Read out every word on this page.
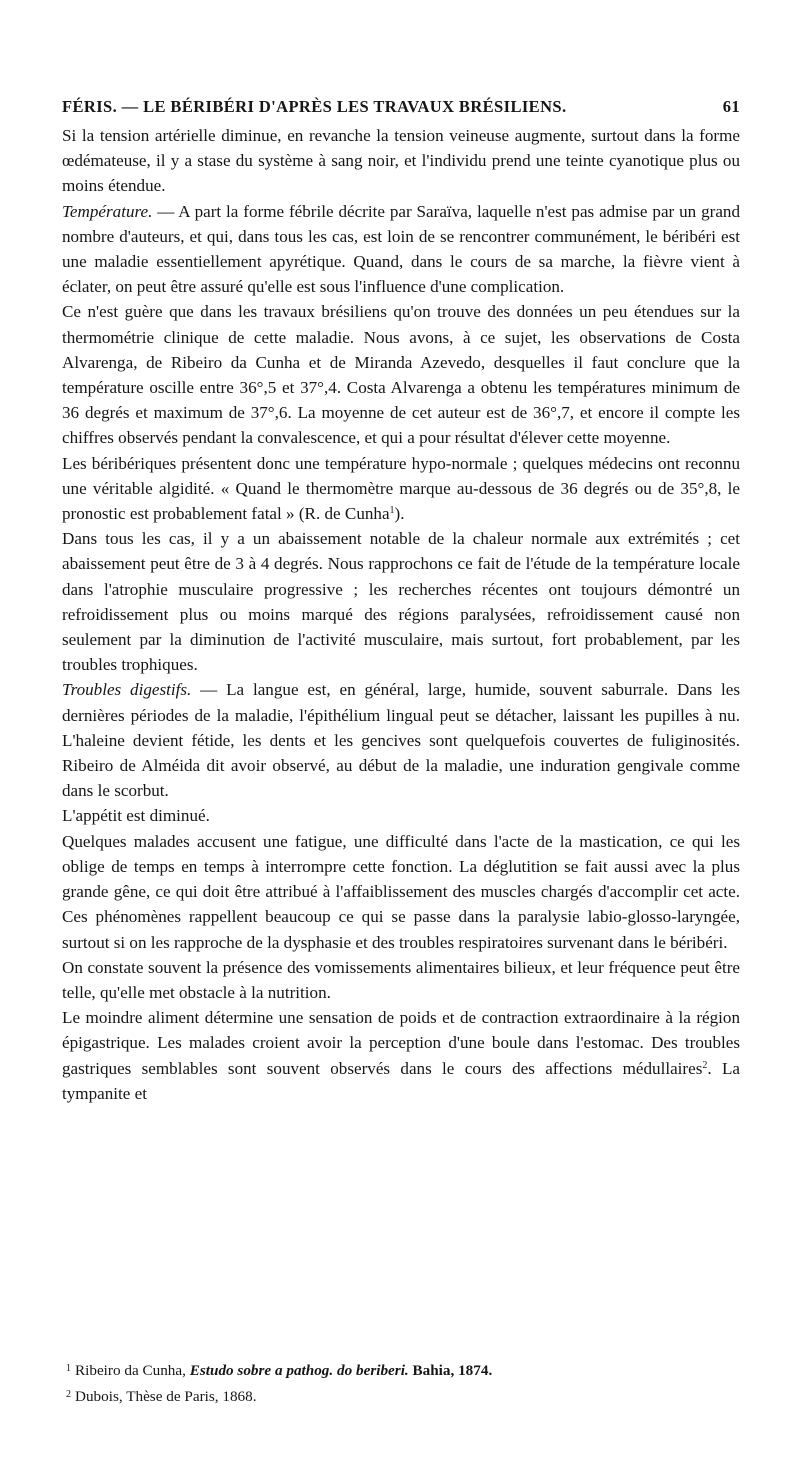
FÉRIS. — LE BÉRIBÉRI D'APRÈS LES TRAVAUX BRÉSILIENS.	61

Si la tension artérielle diminue, en revanche la tension veineuse augmente, surtout dans la forme œdémateuse, il y a stase du système à sang noir, et l'individu prend une teinte cyanotique plus ou moins étendue.

Température. — A part la forme fébrile décrite par Saraïva, laquelle n'est pas admise par un grand nombre d'auteurs, et qui, dans tous les cas, est loin de se rencontrer communément, le béribéri est une maladie essentiellement apyrétique. Quand, dans le cours de sa marche, la fièvre vient à éclater, on peut être assuré qu'elle est sous l'influence d'une complication.

Ce n'est guère que dans les travaux brésiliens qu'on trouve des données un peu étendues sur la thermométrie clinique de cette maladie. Nous avons, à ce sujet, les observations de Costa Alvarenga, de Ribeiro da Cunha et de Miranda Azevedo, desquelles il faut conclure que la température oscille entre 36°,5 et 37°,4. Costa Alvarenga a obtenu les températures minimum de 36 degrés et maximum de 37°,6. La moyenne de cet auteur est de 36°,7, et encore il compte les chiffres observés pendant la convalescence, et qui a pour résultat d'élever cette moyenne.

Les béribériques présentent donc une température hypo-normale ; quelques médecins ont reconnu une véritable algidité. « Quand le thermomètre marque au-dessous de 36 degrés ou de 35°,8, le pronostic est probablement fatal » (R. de Cunha$^1$).

Dans tous les cas, il y a un abaissement notable de la chaleur normale aux extrémités ; cet abaissement peut être de 3 à 4 degrés. Nous rapprochons ce fait de l'étude de la température locale dans l'atrophie musculaire progressive ; les recherches récentes ont toujours démontré un refroidissement plus ou moins marqué des régions paralysées, refroidissement causé non seulement par la diminution de l'activité musculaire, mais surtout, fort probablement, par les troubles trophiques.

Troubles digestifs. — La langue est, en général, large, humide, souvent saburrale. Dans les dernières périodes de la maladie, l'épithélium lingual peut se détacher, laissant les pupilles à nu. L'haleine devient fétide, les dents et les gencives sont quelquefois couvertes de fuliginosités. Ribeiro de Alméida dit avoir observé, au début de la maladie, une induration gengivale comme dans le scorbut.

L'appétit est diminué.

Quelques malades accusent une fatigue, une difficulté dans l'acte de la mastication, ce qui les oblige de temps en temps à interrompre cette fonction. La déglutition se fait aussi avec la plus grande gêne, ce qui doit être attribué à l'affaiblissement des muscles chargés d'accomplir cet acte. Ces phénomènes rappellent beaucoup ce qui se passe dans la paralysie labio-glosso-laryngée, surtout si on les rapproche de la dysphasie et des troubles respiratoires survenant dans le béribéri.

On constate souvent la présence des vomissements alimentaires bilieux, et leur fréquence peut être telle, qu'elle met obstacle à la nutrition.

Le moindre aliment détermine une sensation de poids et de contraction extraordinaire à la région épigastrique. Les malades croient avoir la perception d'une boule dans l'estomac. Des troubles gastriques semblables sont souvent observés dans le cours des affections médullaires$^2$. La tympanite et

$^1$ Ribeiro da Cunha, Estudo sobre a pathog. do beriberi. Bahia, 1874.

$^2$ Dubois, Thèse de Paris, 1868.
